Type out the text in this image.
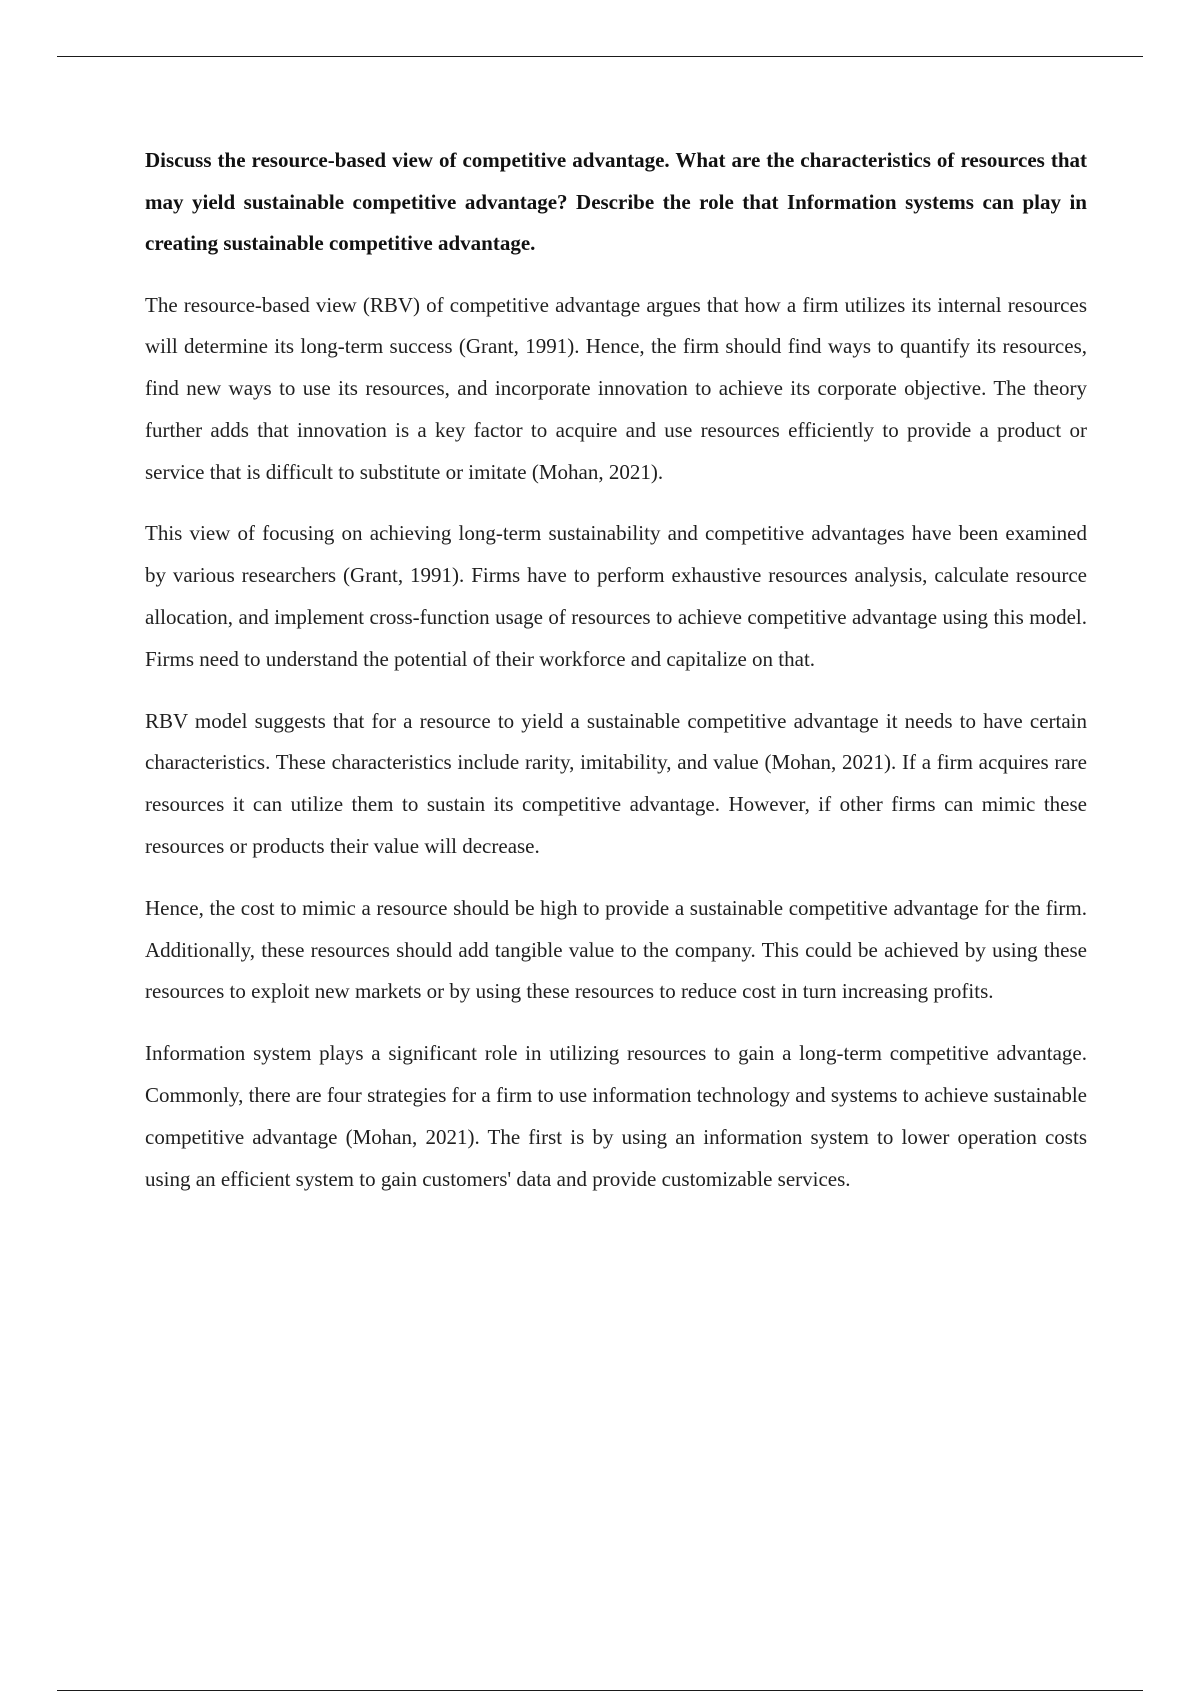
Discuss the resource-based view of competitive advantage. What are the characteristics of resources that may yield sustainable competitive advantage? Describe the role that Information systems can play in creating sustainable competitive advantage.

The resource-based view (RBV) of competitive advantage argues that how a firm utilizes its internal resources will determine its long-term success (Grant, 1991). Hence, the firm should find ways to quantify its resources, find new ways to use its resources, and incorporate innovation to achieve its corporate objective. The theory further adds that innovation is a key factor to acquire and use resources efficiently to provide a product or service that is difficult to substitute or imitate (Mohan, 2021).

This view of focusing on achieving long-term sustainability and competitive advantages have been examined by various researchers (Grant, 1991). Firms have to perform exhaustive resources analysis, calculate resource allocation, and implement cross-function usage of resources to achieve competitive advantage using this model. Firms need to understand the potential of their workforce and capitalize on that.

RBV model suggests that for a resource to yield a sustainable competitive advantage it needs to have certain characteristics. These characteristics include rarity, imitability, and value (Mohan, 2021). If a firm acquires rare resources it can utilize them to sustain its competitive advantage. However, if other firms can mimic these resources or products their value will decrease.

Hence, the cost to mimic a resource should be high to provide a sustainable competitive advantage for the firm. Additionally, these resources should add tangible value to the company. This could be achieved by using these resources to exploit new markets or by using these resources to reduce cost in turn increasing profits.

Information system plays a significant role in utilizing resources to gain a long-term competitive advantage. Commonly, there are four strategies for a firm to use information technology and systems to achieve sustainable competitive advantage (Mohan, 2021). The first is by using an information system to lower operation costs using an efficient system to gain customers' data and provide customizable services.
